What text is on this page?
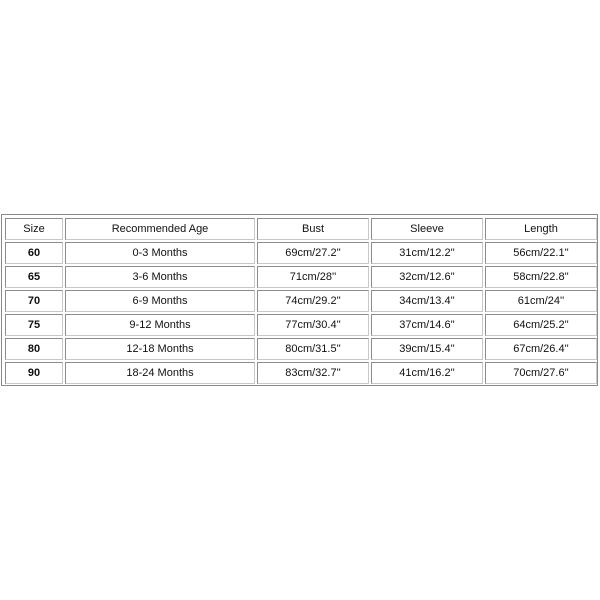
Size	Recommended Age	Bust	Sleeve	Length
60	0-3 Months	69cm/27.2''	31cm/12.2''	56cm/22.1''
65	3-6 Months	71cm/28''	32cm/12.6''	58cm/22.8''
70	6-9 Months	74cm/29.2''	34cm/13.4''	61cm/24''
75	9-12 Months	77cm/30.4''	37cm/14.6''	64cm/25.2''
80	12-18 Months	80cm/31.5''	39cm/15.4''	67cm/26.4''
90	18-24 Months	83cm/32.7''	41cm/16.2''	70cm/27.6''
